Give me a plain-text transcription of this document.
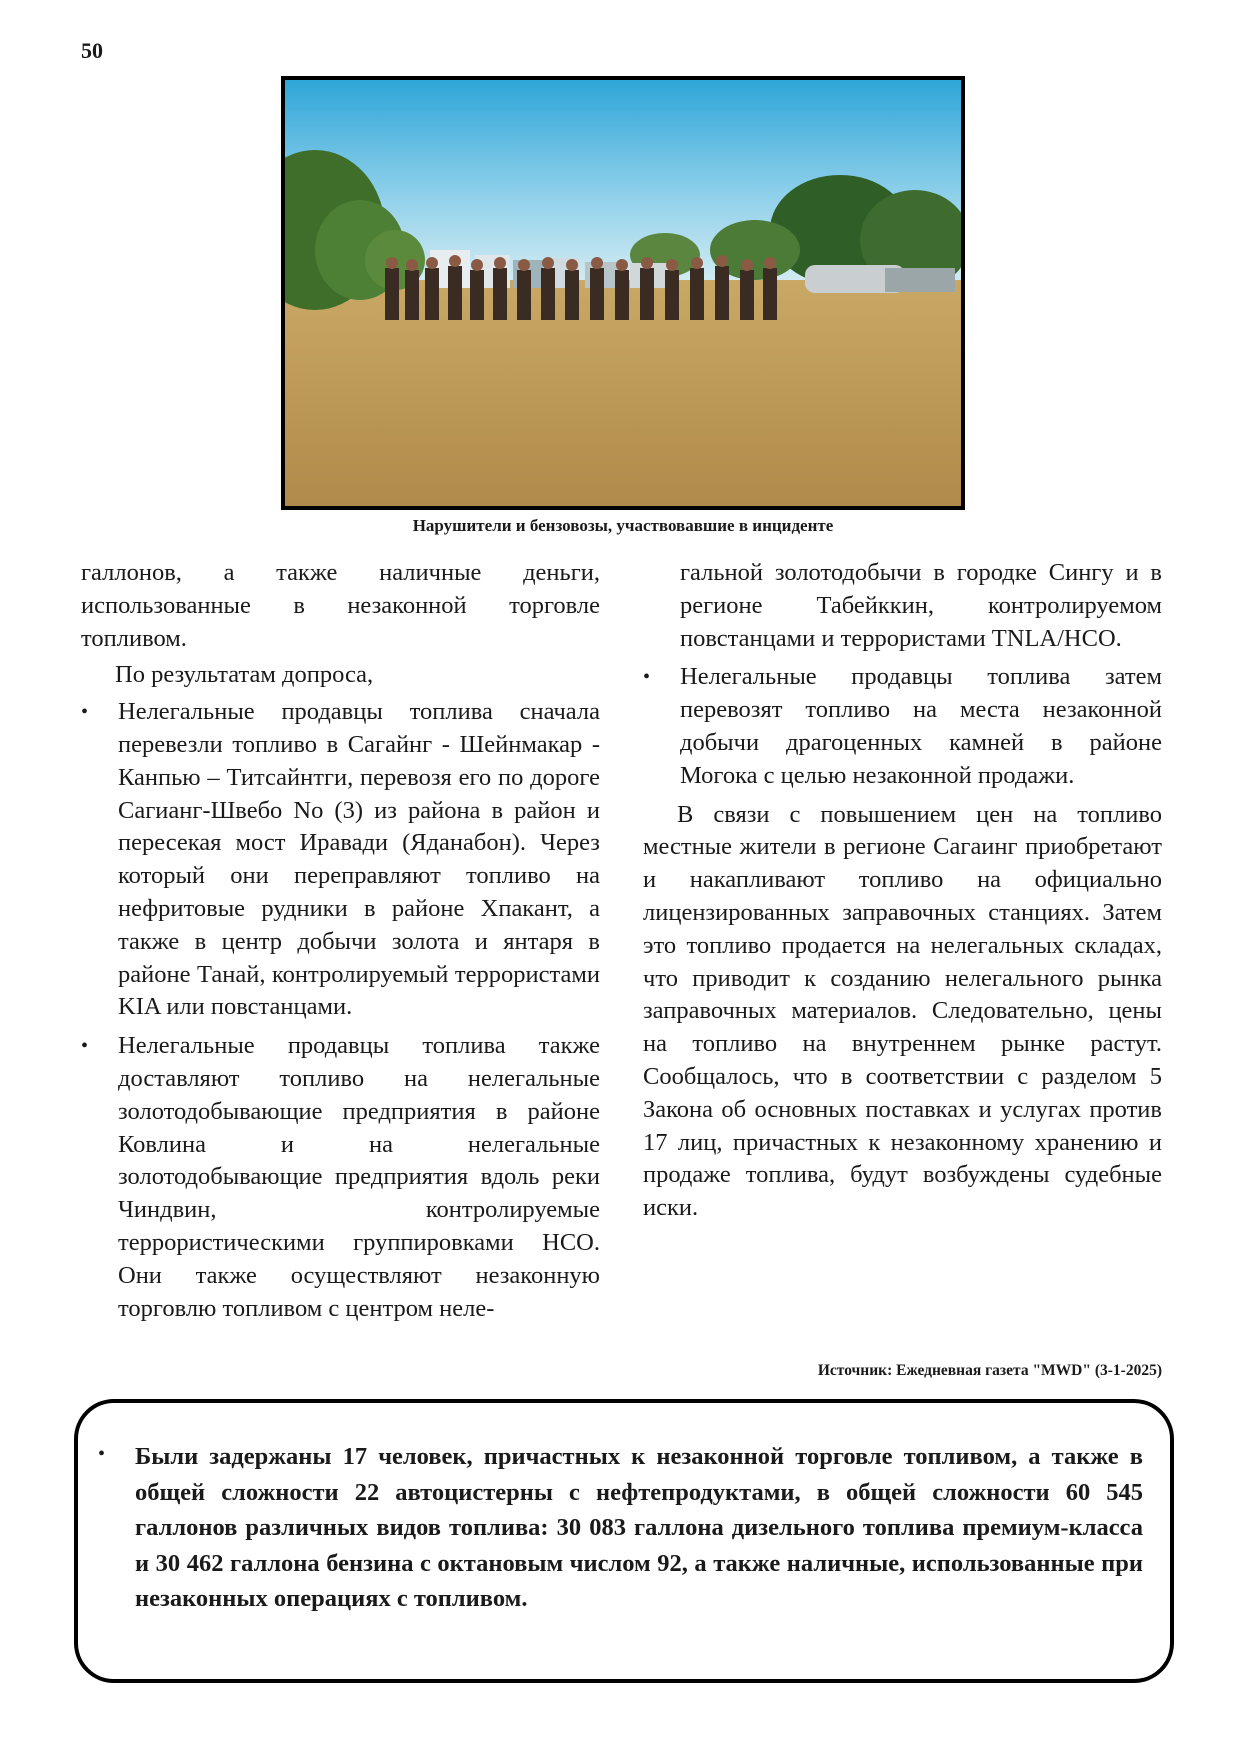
50
Нарушители и бензовозы, участвовавшие в инциденте

галлонов, а также наличные деньги, использованные в незаконной торговле топливом.

По результатам допроса,

•	Нелегальные продавцы топлива сначала перевезли топливо в Сагайнг - Шейнмакар - Канпью – Титсайнтги, перевозя его по дороге Сагианг-Швебо No (3) из района в район и пересекая мост Иравади (Яданабон). Через который они переправляют топливо на нефритовые рудники в районе Хпакант, а также в центр добычи золота и янтаря в районе Танай, контролируемый террористами KIA или повстанцами.
•	Нелегальные продавцы топлива также доставляют топливо на нелегальные золотодобывающие предприятия в районе Ковлина и на нелегальные золотодобывающие предприятия вдоль реки Чиндвин, контролируемые террористическими группировками НСО. Они также осуществляют незаконную торговлю топливом с центром неле-
гальной золотодобычи в городке Сингу и в регионе Табейккин, контролируемом повстанцами и террористами TNLA/НСО.
•	Нелегальные продавцы топлива затем перевозят топливо на места незаконной добычи драгоценных камней в районе Могока с целью незаконной продажи.

В связи с повышением цен на топливо местные жители в регионе Сагаинг приобретают и накапливают топливо на официально лицензированных заправочных станциях. Затем это топливо продается на нелегальных складах, что приводит к созданию нелегального рынка заправочных материалов. Следовательно, цены на топливо на внутреннем рынке растут. Сообщалось, что в соответствии с разделом 5 Закона об основных поставках и услугах против 17 лиц, причастных к незаконному хранению и продаже топлива, будут возбуждены судебные иски.

Источник: Ежедневная газета "MWD" (3-1-2025)
• Были задержаны 17 человек, причастных к незаконной торговле топливом, а также в общей сложности 22 автоцистерны с нефтепродуктами, в общей сложности 60 545 галлонов различных видов топлива: 30 083 галлона дизельного топлива премиум-класса и 30 462 галлона бензина с октановым числом 92, а также наличные, использованные при незаконных операциях с топливом.
